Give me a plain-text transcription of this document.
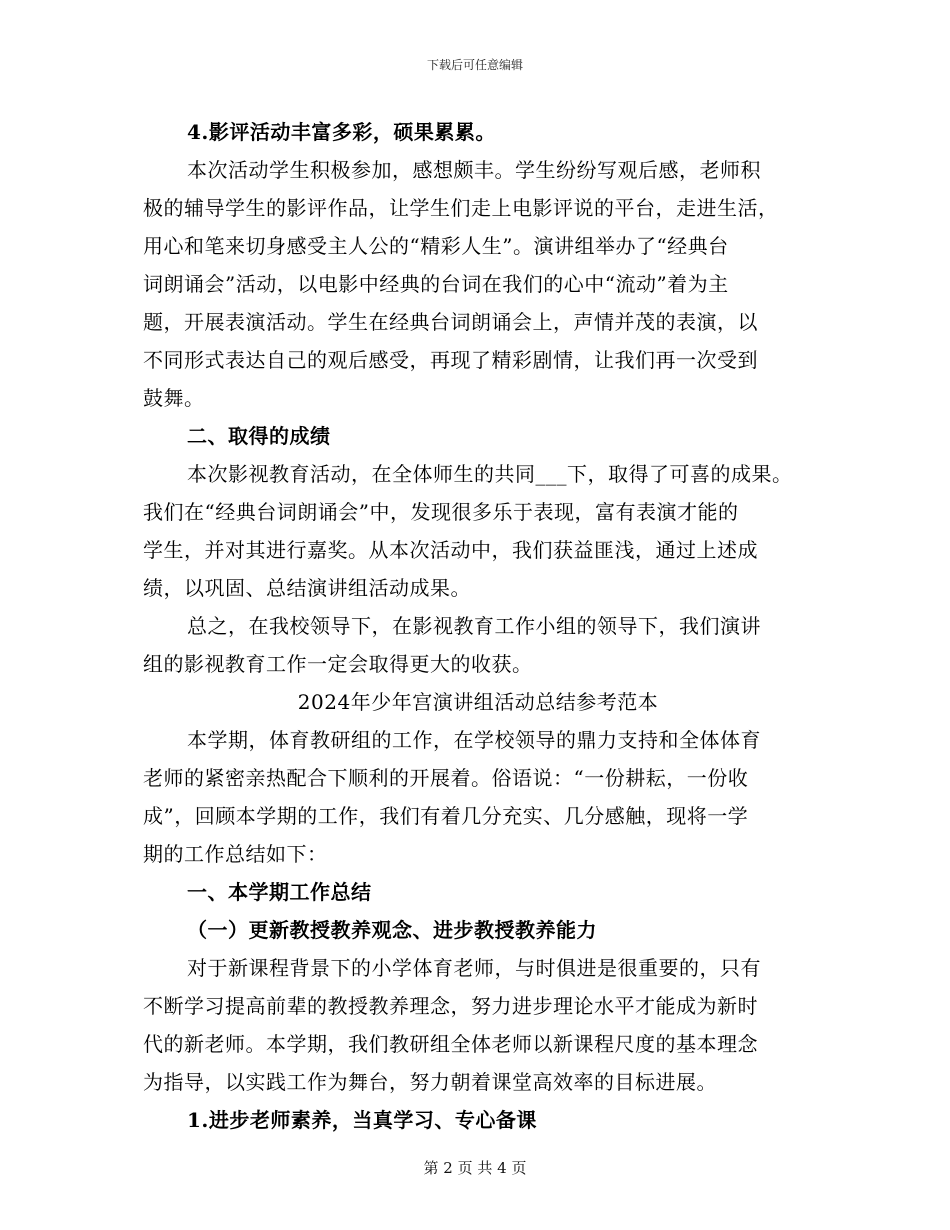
下载后可任意编辑
4.影评活动丰富多彩，硕果累累。
本次活动学生积极参加，感想颇丰。学生纷纷写观后感，老师积
极的辅导学生的影评作品，让学生们走上电影评说的平台，走进生活，
用心和笔来切身感受主人公的“精彩人生”。演讲组举办了“经典台
词朗诵会”活动，以电影中经典的台词在我们的心中“流动”着为主
题，开展表演活动。学生在经典台词朗诵会上，声情并茂的表演，以
不同形式表达自己的观后感受，再现了精彩剧情，让我们再一次受到
鼓舞。
二、取得的成绩
本次影视教育活动，在全体师生的共同___下，取得了可喜的成果。
我们在“经典台词朗诵会”中，发现很多乐于表现，富有表演才能的
学生，并对其进行嘉奖。从本次活动中，我们获益匪浅，通过上述成
绩，以巩固、总结演讲组活动成果。
总之，在我校领导下，在影视教育工作小组的领导下，我们演讲
组的影视教育工作一定会取得更大的收获。
2024年少年宫演讲组活动总结参考范本
本学期，体育教研组的工作，在学校领导的鼎力支持和全体体育
老师的紧密亲热配合下顺利的开展着。俗语说：“一份耕耘，一份收
成”，回顾本学期的工作，我们有着几分充实、几分感触，现将一学
期的工作总结如下：
一、本学期工作总结
（一）更新教授教养观念、进步教授教养能力
对于新课程背景下的小学体育老师，与时俱进是很重要的，只有
不断学习提高前辈的教授教养理念，努力进步理论水平才能成为新时
代的新老师。本学期，我们教研组全体老师以新课程尺度的基本理念
为指导，以实践工作为舞台，努力朝着课堂高效率的目标进展。
1.进步老师素养，当真学习、专心备课
第 2 页 共 4 页
